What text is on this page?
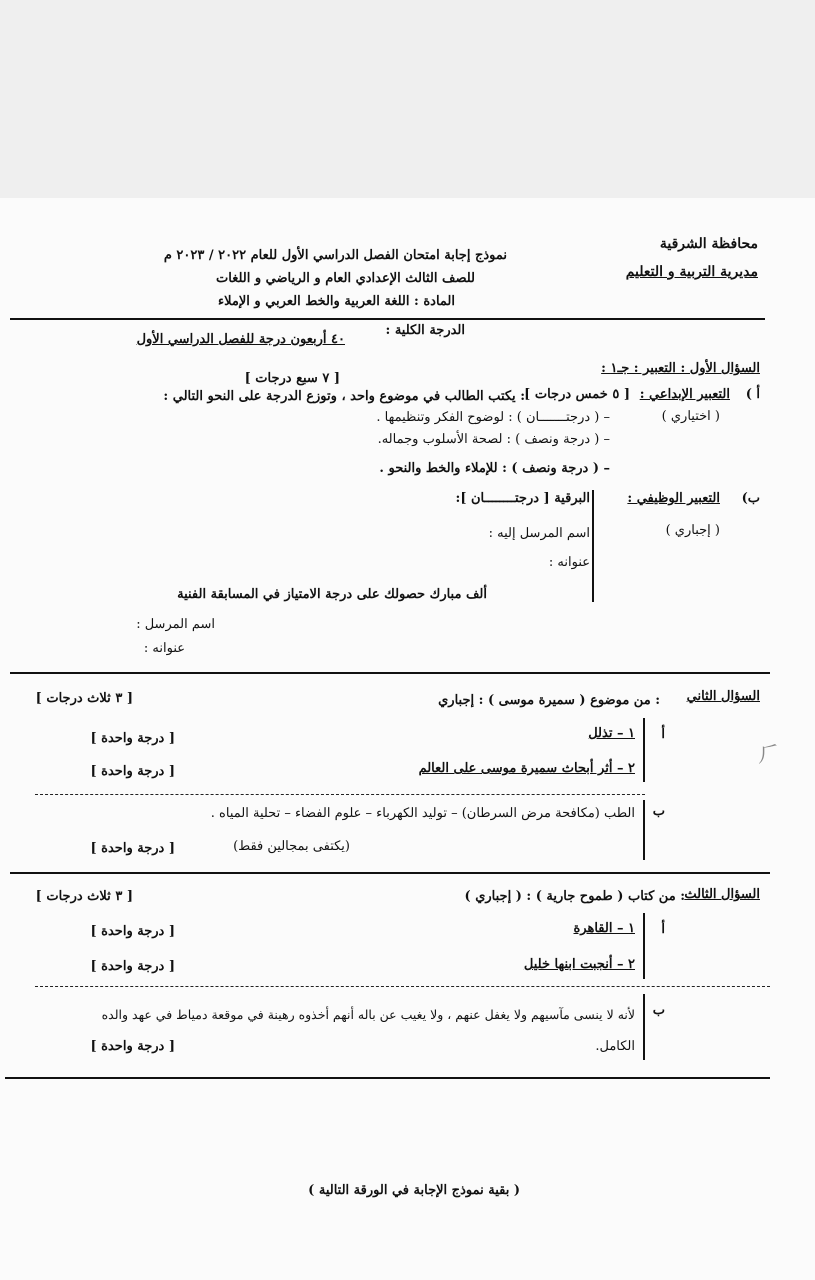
محافظة الشرقية
مديرية التربية و التعليم
نموذج إجابة امتحان الفصل الدراسي الأول للعام ٢٠٢٢ / ٢٠٢٣ م
للصف الثالث الإعدادي العام و الرياضي و اللغات
المادة : اللغة العربية والخط العربي و الإملاء
الدرجة الكلية :
٤٠ أربعون درجة للفصل الدراسي الأول
السؤال الأول : التعبير : جـ١ :
[ ٧ سبع درجات ]
أ )
التعبير الإبداعي :
( اختياري )
[ ٥ خمس درجات ]
: يكتب الطالب في موضوع واحد ، وتوزع الدرجة على النحو التالي :
– ( درجتـــــــان ) : لوضوح الفكر وتنظيمها .
– ( درجة ونصف ) : لصحة الأسلوب وجماله.
– ( درجة ونصف ) : للإملاء والخط والنحو .
ب)
التعبير الوظيفي :
( إجباري )
البرقية [ درجتــــــــان ]:
اسم المرسل إليه :
عنوانه :
ألف مبارك حصولك على درجة الامتياز في المسابقة الفنية
اسم المرسل :
عنوانه :
السؤال الثاني
: من موضوع ( سميرة موسى ) : إجباري
[ ٣ ثلاث درجات ]
أ
١ – تذلل
٢ – أثر أبحاث سميرة موسى على العالم
[ درجة واحدة ]
[ درجة واحدة ]
⺁
ب
الطب (مكافحة مرض السرطان) – توليد الكهرباء – علوم الفضاء – تحلية المياه .
(يكتفى بمجالين فقط)
[ درجة واحدة ]
السؤال الثالث
: من كتاب ( طموح جارية ) : ( إجباري )
[ ٣ ثلاث درجات ]
أ
١ – القاهرة
٢ – أنجبت ابنها خليل
[ درجة واحدة ]
[ درجة واحدة ]
ب
لأنه لا ينسى مآسيهم ولا يغفل عنهم ، ولا يغيب عن باله أنهم أخذوه رهينة في موقعة دمياط في عهد والده
الكامل.
[ درجة واحدة ]
( بقية نموذج الإجابة في الورقة التالية )
